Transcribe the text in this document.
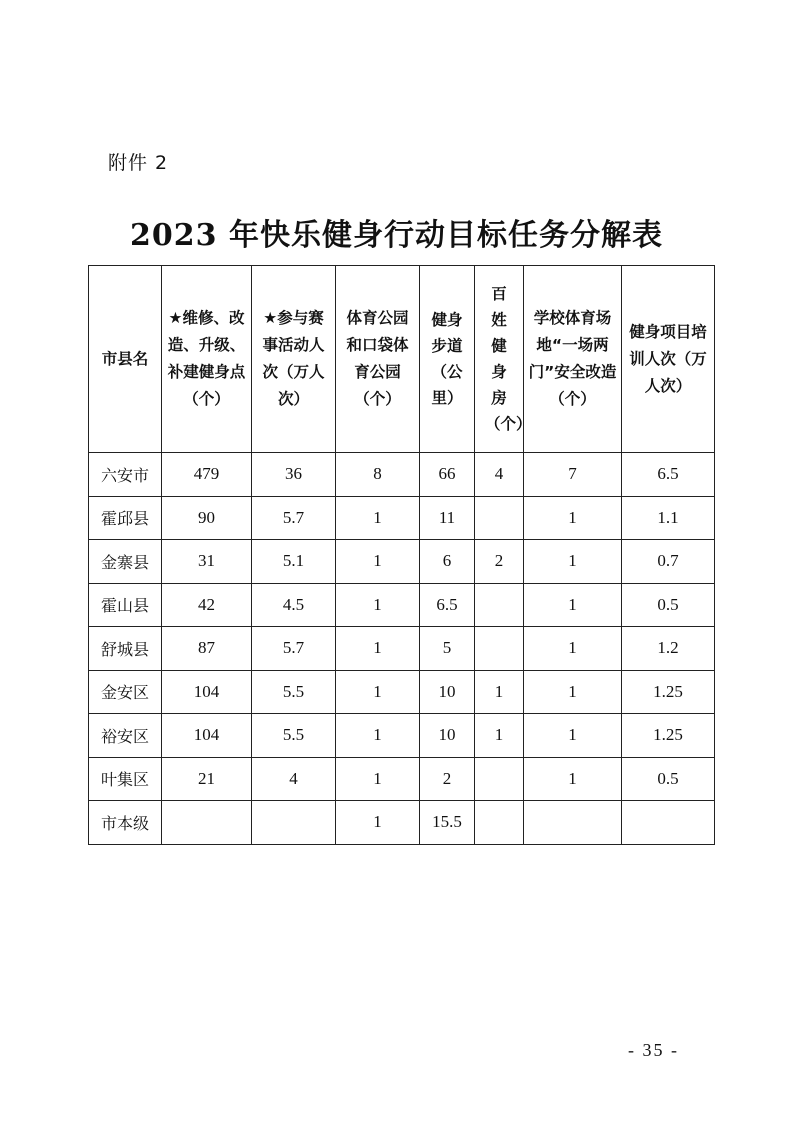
附件 2
2023 年快乐健身行动目标任务分解表
市县名	★维修、改造、升级、补建健身点（个）	★参与赛事活动人次（万人次）	体育公园和口袋体育公园（个）	健身步道（公里）	百姓健身房（个）	学校体育场地“一场两门”安全改造（个）	健身项目培训人次（万人次）
六安市	479	36	8	66	4	7	6.5
霍邱县	90	5.7	1	11		1	1.1
金寨县	31	5.1	1	6	2	1	0.7
霍山县	42	4.5	1	6.5		1	0.5
舒城县	87	5.7	1	5		1	1.2
金安区	104	5.5	1	10	1	1	1.25
裕安区	104	5.5	1	10	1	1	1.25
叶集区	21	4	1	2		1	0.5
市本级			1	15.5			
- 35 -
